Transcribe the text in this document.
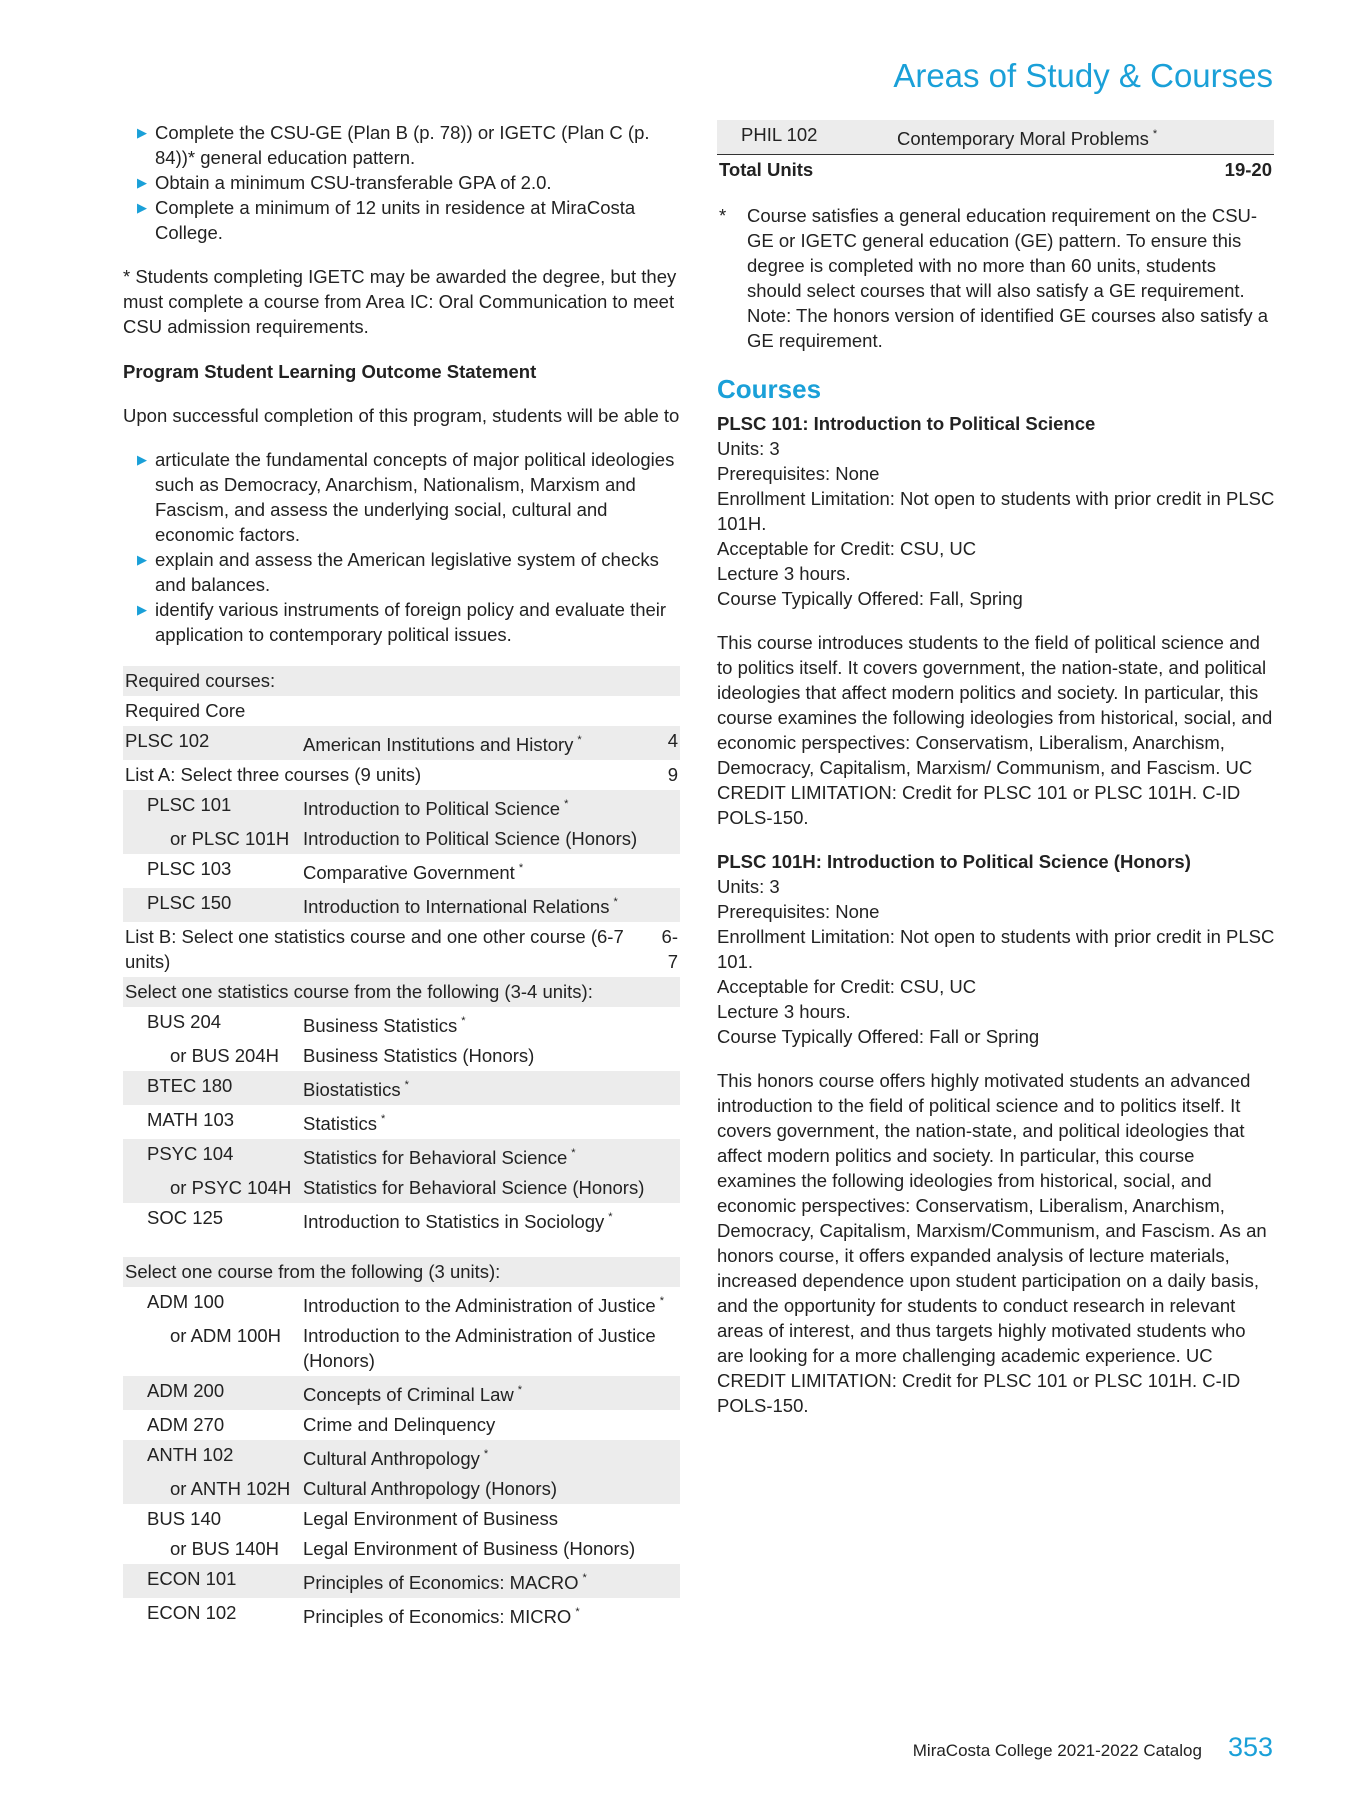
Areas of Study & Courses
▶ Complete the CSU-GE (Plan B (p. 78)) or IGETC (Plan C (p. 84))* general education pattern.
▶ Obtain a minimum CSU-transferable GPA of 2.0.
▶ Complete a minimum of 12 units in residence at MiraCosta College.

* Students completing IGETC may be awarded the degree, but they must complete a course from Area IC: Oral Communication to meet CSU admission requirements.

Program Student Learning Outcome Statement

Upon successful completion of this program, students will be able to

▶ articulate the fundamental concepts of major political ideologies such as Democracy, Anarchism, Nationalism, Marxism and Fascism, and assess the underlying social, cultural and economic factors.
▶ explain and assess the American legislative system of checks and balances.
▶ identify various instruments of foreign policy and evaluate their application to contemporary political issues.
Required courses:		
Required Core		
PLSC 102	American Institutions and History *	4
List A: Select three courses (9 units)		9
PLSC 101	Introduction to Political Science *
or PLSC 101H	Introduction to Political Science (Honors)	
PLSC 103	Comparative Government *
PLSC 150	Introduction to International Relations *
List B: Select one statistics course and one other course (6-7 units)		6-7
Select one statistics course from the following (3-4 units):		
BUS 204	Business Statistics *
or BUS 204H	Business Statistics (Honors)	
BTEC 180	Biostatistics *
MATH 103	Statistics *
PSYC 104	Statistics for Behavioral Science *
or PSYC 104H	Statistics for Behavioral Science (Honors)	
SOC 125	Introduction to Statistics in Sociology *

Select one course from the following (3 units):		
ADM 100	Introduction to the Administration of Justice *
or ADM 100H	Introduction to the Administration of Justice (Honors)	
ADM 200	Concepts of Criminal Law *
ADM 270	Crime and Delinquency	
ANTH 102	Cultural Anthropology *
or ANTH 102H	Cultural Anthropology (Honors)	
BUS 140	Legal Environment of Business	
or BUS 140H	Legal Environment of Business (Honors)	
ECON 101	Principles of Economics: MACRO *
ECON 102	Principles of Economics: MICRO *
PHIL 102	Contemporary Moral Problems *
Total Units	19-20
* Course satisfies a general education requirement on the CSU-GE or IGETC general education (GE) pattern. To ensure this degree is completed with no more than 60 units, students should select courses that will also satisfy a GE requirement. Note: The honors version of identified GE courses also satisfy a GE requirement.
Courses

PLSC 101: Introduction to Political Science

Units: 3

Prerequisites: None

Enrollment Limitation: Not open to students with prior credit in PLSC 101H.

Acceptable for Credit: CSU, UC

Lecture 3 hours.

Course Typically Offered: Fall, Spring

This course introduces students to the field of political science and to politics itself. It covers government, the nation-state, and political ideologies that affect modern politics and society. In particular, this course examines the following ideologies from historical, social, and economic perspectives: Conservatism, Liberalism, Anarchism, Democracy, Capitalism, Marxism/ Communism, and Fascism. UC CREDIT LIMITATION: Credit for PLSC 101 or PLSC 101H. C-ID POLS-150.

PLSC 101H: Introduction to Political Science (Honors)

Units: 3

Prerequisites: None

Enrollment Limitation: Not open to students with prior credit in PLSC 101.

Acceptable for Credit: CSU, UC

Lecture 3 hours.

Course Typically Offered: Fall or Spring

This honors course offers highly motivated students an advanced introduction to the field of political science and to politics itself. It covers government, the nation-state, and political ideologies that affect modern politics and society. In particular, this course examines the following ideologies from historical, social, and economic perspectives: Conservatism, Liberalism, Anarchism, Democracy, Capitalism, Marxism/Communism, and Fascism. As an honors course, it offers expanded analysis of lecture materials, increased dependence upon student participation on a daily basis, and the opportunity for students to conduct research in relevant areas of interest, and thus targets highly motivated students who are looking for a more challenging academic experience. UC CREDIT LIMITATION: Credit for PLSC 101 or PLSC 101H. C-ID POLS-150.

MiraCosta College 2021-2022 Catalog 353
